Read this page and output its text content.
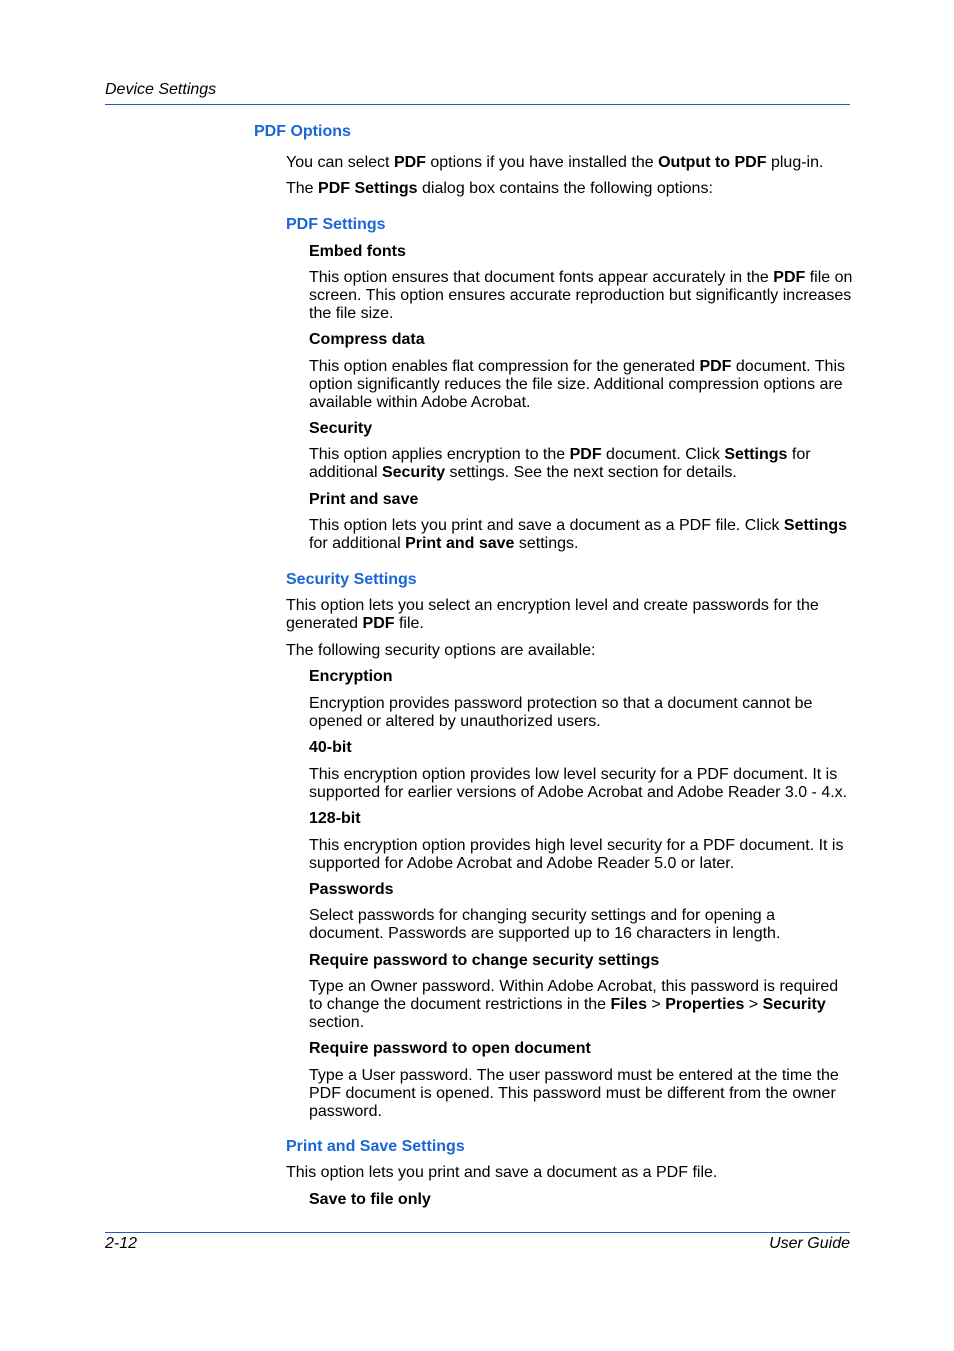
Device Settings
PDF Options
You can select PDF options if you have installed the Output to PDF plug-in.
The PDF Settings dialog box contains the following options:
PDF Settings
Embed fonts
This option ensures that document fonts appear accurately in the PDF file on screen. This option ensures accurate reproduction but significantly increases the file size.
Compress data
This option enables flat compression for the generated PDF document. This option significantly reduces the file size. Additional compression options are available within Adobe Acrobat.
Security
This option applies encryption to the PDF document. Click Settings for additional Security settings. See the next section for details.
Print and save
This option lets you print and save a document as a PDF file. Click Settings for additional Print and save settings.
Security Settings
This option lets you select an encryption level and create passwords for the generated PDF file.
The following security options are available:
Encryption
Encryption provides password protection so that a document cannot be opened or altered by unauthorized users.
40-bit
This encryption option provides low level security for a PDF document. It is supported for earlier versions of Adobe Acrobat and Adobe Reader 3.0 - 4.x.
128-bit
This encryption option provides high level security for a PDF document. It is supported for Adobe Acrobat and Adobe Reader 5.0 or later.
Passwords
Select passwords for changing security settings and for opening a document. Passwords are supported up to 16 characters in length.
Require password to change security settings
Type an Owner password. Within Adobe Acrobat, this password is required to change the document restrictions in the Files > Properties > Security section.
Require password to open document
Type a User password. The user password must be entered at the time the PDF document is opened. This password must be different from the owner password.
Print and Save Settings
This option lets you print and save a document as a PDF file.
Save to file only
2-12	User Guide
